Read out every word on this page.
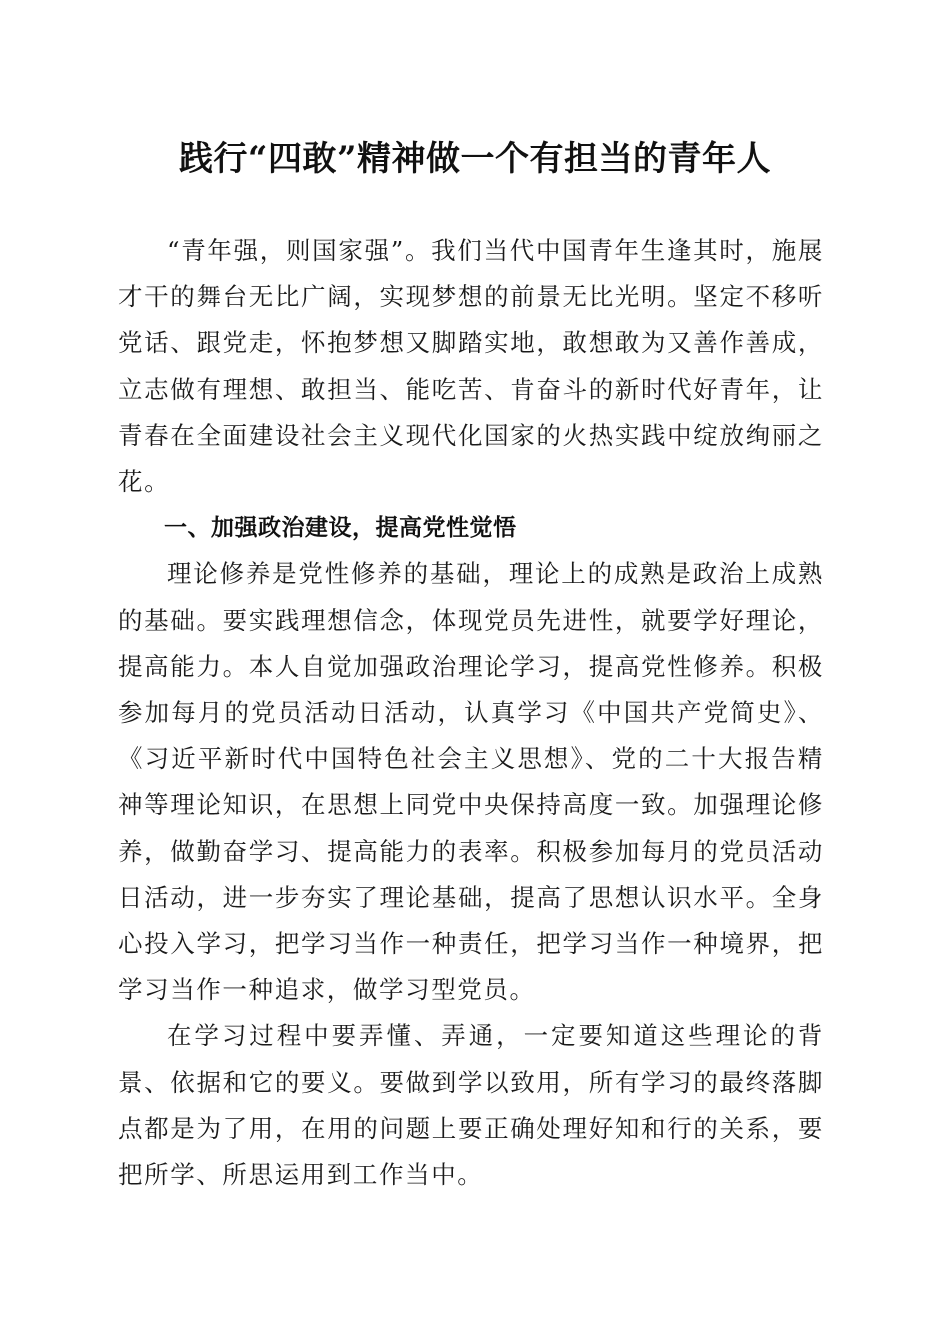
践行“四敢”精神做一个有担当的青年人

“青年强，则国家强”。我们当代中国青年生逢其时，施展才干的舞台无比广阔，实现梦想的前景无比光明。坚定不移听党话、跟党走，怀抱梦想又脚踏实地，敢想敢为又善作善成，立志做有理想、敢担当、能吃苦、肯奋斗的新时代好青年，让青春在全面建设社会主义现代化国家的火热实践中绽放绚丽之花。

一、加强政治建设，提高党性觉悟

理论修养是党性修养的基础，理论上的成熟是政治上成熟的基础。要实践理想信念，体现党员先进性，就要学好理论，提高能力。本人自觉加强政治理论学习，提高党性修养。积极参加每月的党员活动日活动，认真学习《中国共产党简史》、《习近平新时代中国特色社会主义思想》、党的二十大报告精神等理论知识，在思想上同党中央保持高度一致。加强理论修养，做勤奋学习、提高能力的表率。积极参加每月的党员活动日活动，进一步夯实了理论基础，提高了思想认识水平。全身心投入学习，把学习当作一种责任，把学习当作一种境界，把学习当作一种追求，做学习型党员。

在学习过程中要弄懂、弄通，一定要知道这些理论的背景、依据和它的要义。要做到学以致用，所有学习的最终落脚点都是为了用，在用的问题上要正确处理好知和行的关系，要把所学、所思运用到工作当中。
